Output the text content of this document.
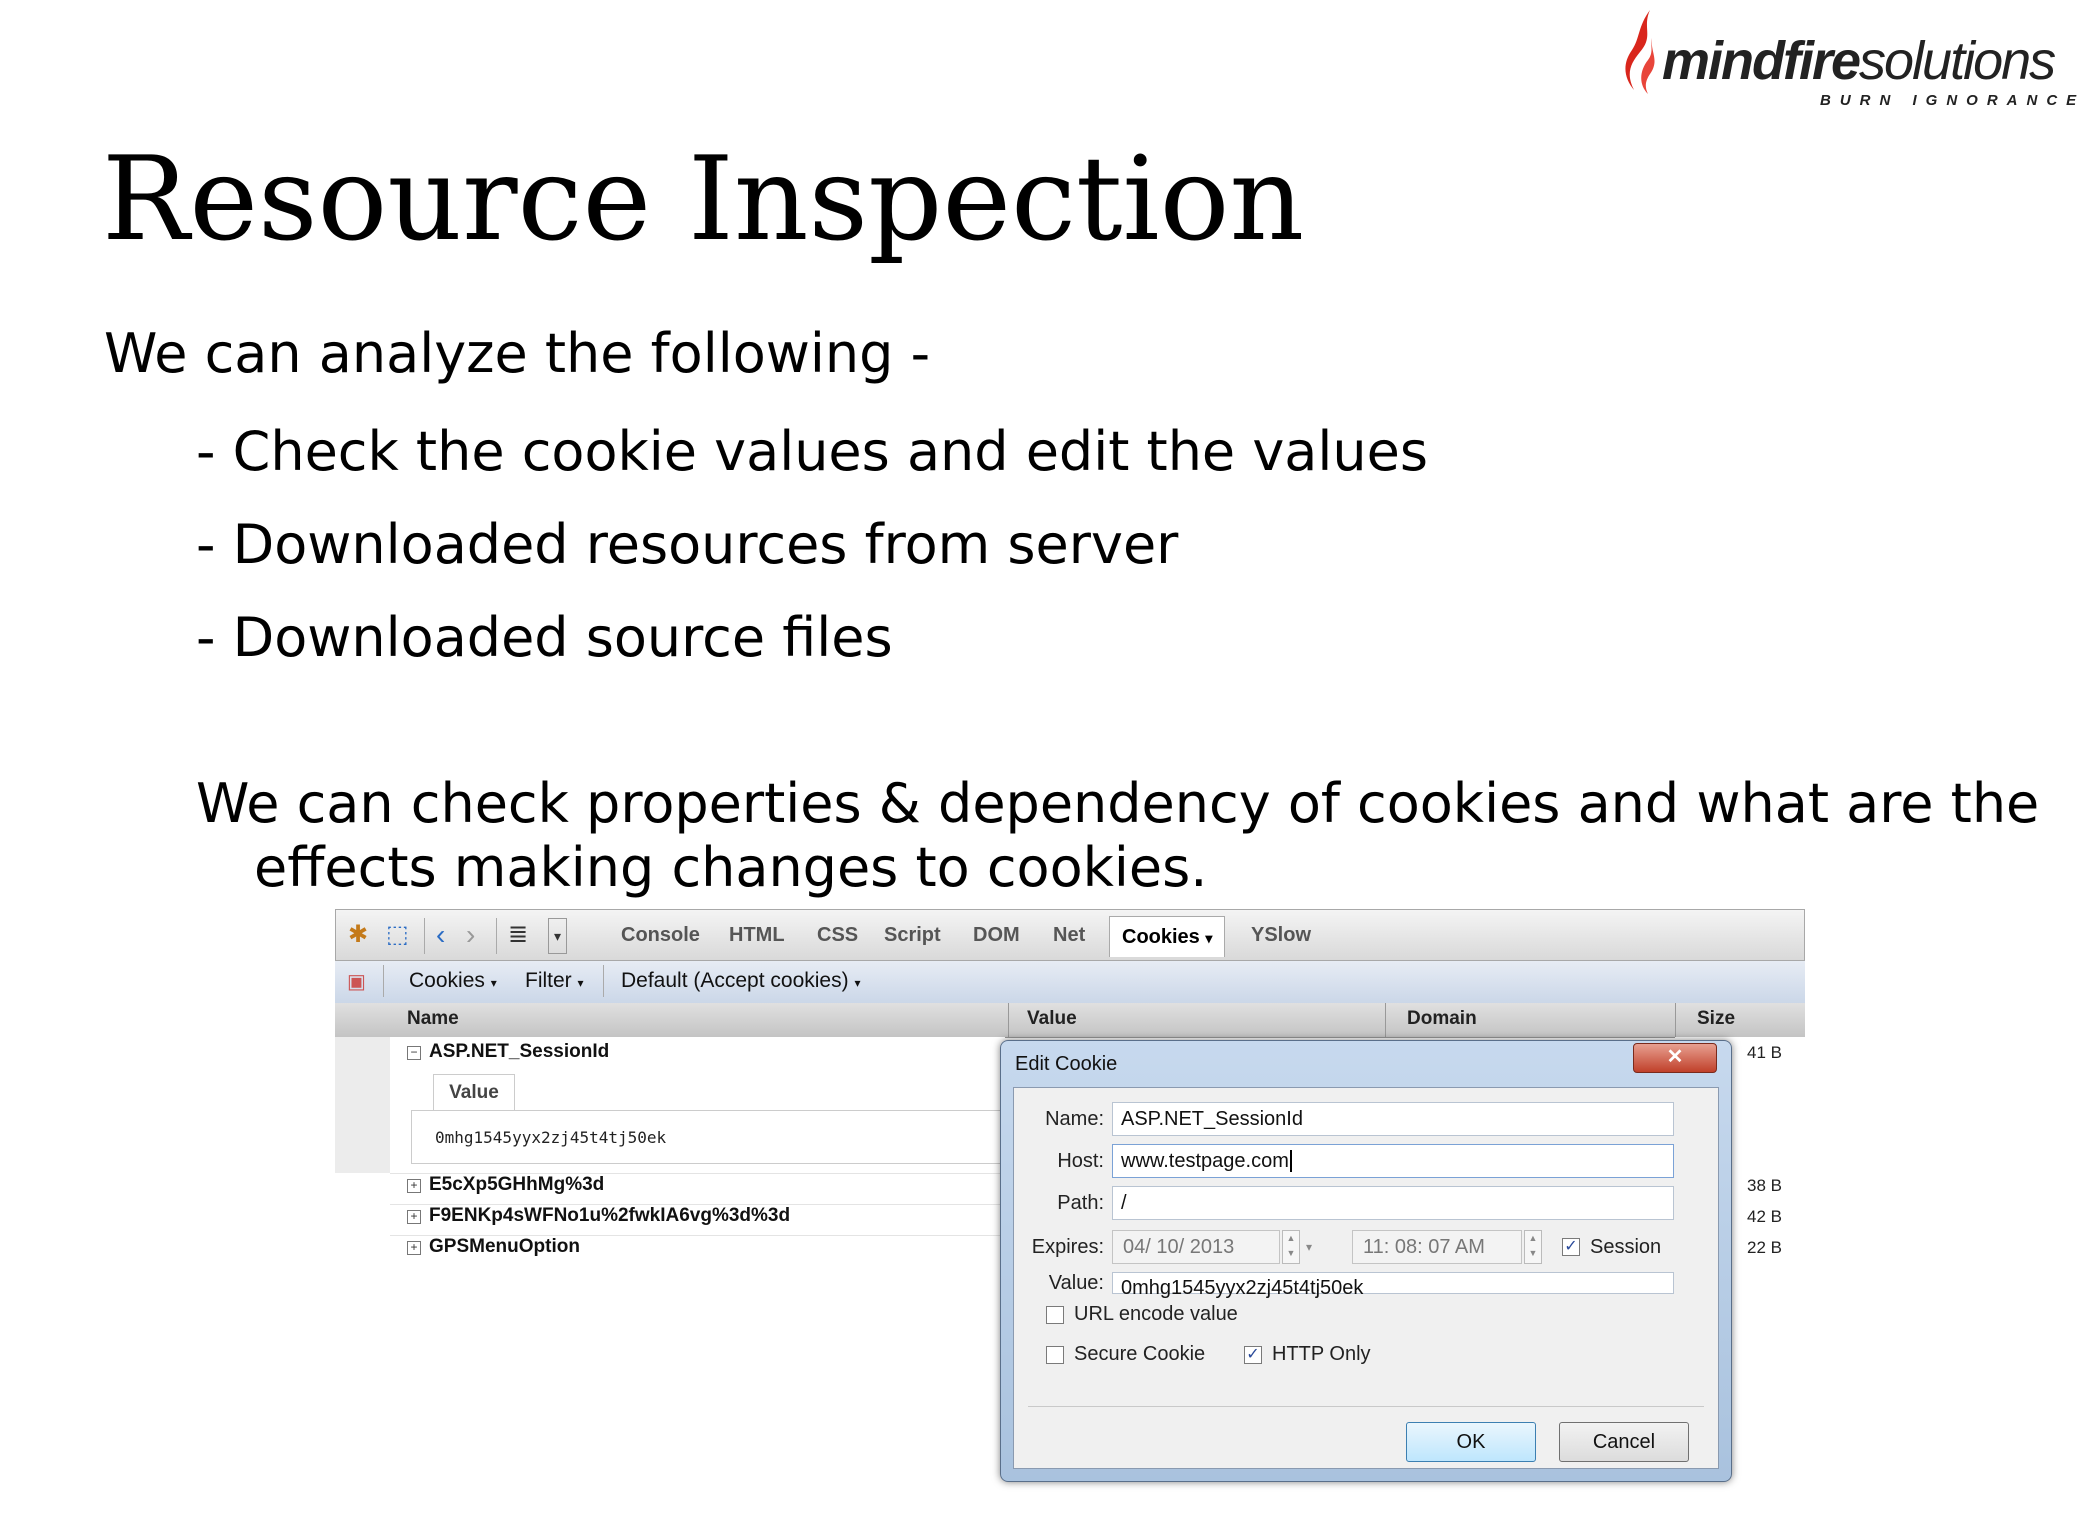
mindfiresolutions
BURN IGNORANCE
Resource Inspection
We can analyze the following -
- Check the cookie values and edit the values
- Downloaded resources from server
- Downloaded source files
We can check properties & dependency of cookies and what are the
effects making changes to cookies.
✱ ⬚ ‹ › ≣	▾	Console HTML CSS Script DOM Net	Cookies ▾	YSlow
▣ Cookies ▾ Filter ▾ Default (Accept cookies) ▾
Name	Value	Domain	Size
− ASP.NET_SessionId	41 B
Value
0mhg1545yyx2zj45t4tj50ek
+ E5cXp5GHhMg%3d	38 B
+ F9ENKp4sWFNo1u%2fwkIA6vg%3d%3d	42 B
+ GPSMenuOption	22 B
Edit Cookie	✕
Name: ASP.NET_SessionId
Host: www.testpage.com
Path: /
Expires: 04/ 10/ 2013	▲
▼ ▾	11: 08: 07 AM	▲
▼ ✓ Session
Value: 0mhg1545yyx2zj45t4tj50ek
URL encode value
Secure Cookie	✓ HTTP Only
OK	Cancel
